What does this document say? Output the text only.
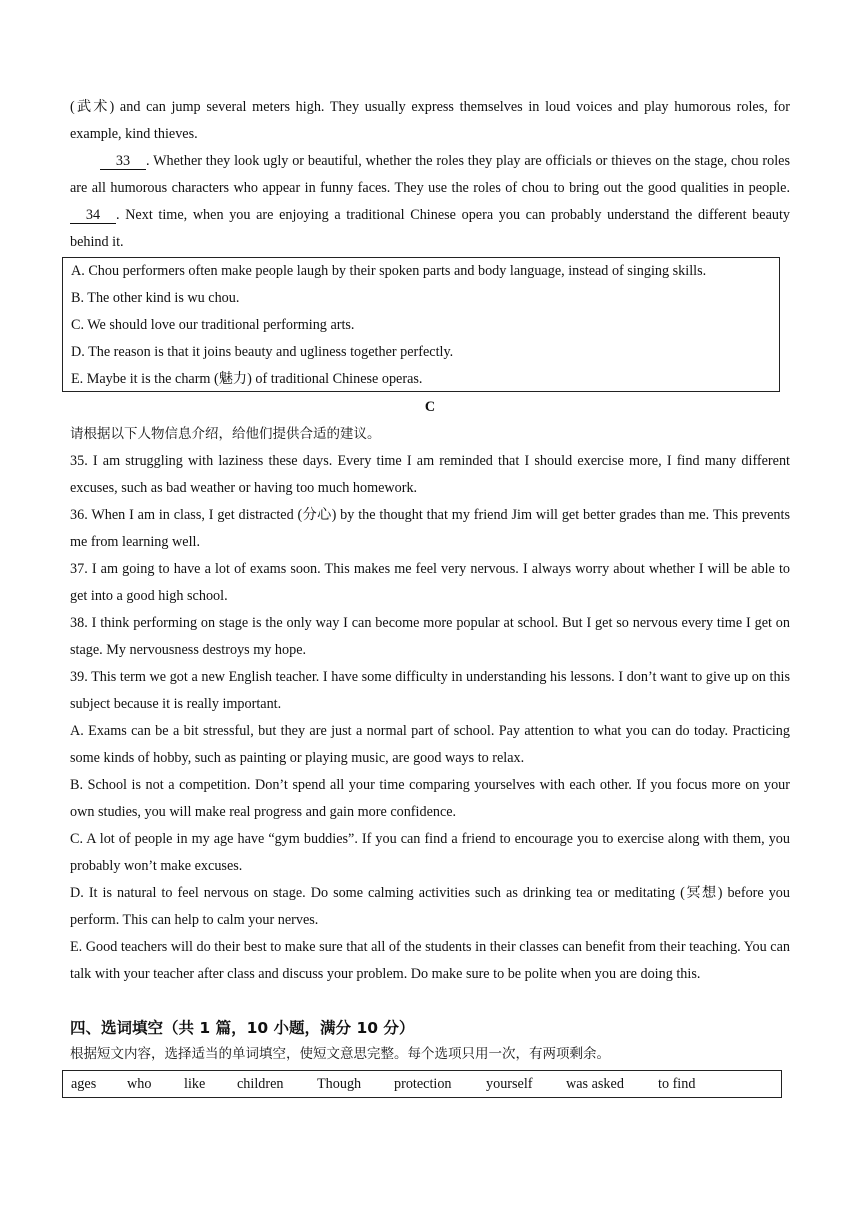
(武术) and can jump several meters high. They usually express themselves in loud voices and play humorous roles, for example, kind thieves.
33 . Whether they look ugly or beautiful, whether the roles they play are officials or thieves on the stage, chou roles are all humorous characters who appear in funny faces. They use the roles of chou to bring out the good qualities in people. 34 . Next time, when you are enjoying a traditional Chinese opera you can probably understand the different beauty behind it.
A. Chou performers often make people laugh by their spoken parts and body language, instead of singing skills.
B. The other kind is wu chou.
C. We should love our traditional performing arts.
D. The reason is that it joins beauty and ugliness together perfectly.
E. Maybe it is the charm (魅力) of traditional Chinese operas.
C
请根据以下人物信息介绍，给他们提供合适的建议。
35. I am struggling with laziness these days. Every time I am reminded that I should exercise more, I find many different excuses, such as bad weather or having too much homework.
36. When I am in class, I get distracted (分心) by the thought that my friend Jim will get better grades than me. This prevents me from learning well.
37. I am going to have a lot of exams soon. This makes me feel very nervous. I always worry about whether I will be able to get into a good high school.
38. I think performing on stage is the only way I can become more popular at school. But I get so nervous every time I get on stage. My nervousness destroys my hope.
39. This term we got a new English teacher. I have some difficulty in understanding his lessons. I don’t want to give up on this subject because it is really important.
A. Exams can be a bit stressful, but they are just a normal part of school. Pay attention to what you can do today. Practicing some kinds of hobby, such as painting or playing music, are good ways to relax.
B. School is not a competition. Don’t spend all your time comparing yourselves with each other. If you focus more on your own studies, you will make real progress and gain more confidence.
C. A lot of people in my age have “gym buddies”. If you can find a friend to encourage you to exercise along with them, you probably won’t make excuses.
D. It is natural to feel nervous on stage. Do some calming activities such as drinking tea or meditating (冥想) before you perform. This can help to calm your nerves.
E. Good teachers will do their best to make sure that all of the students in their classes can benefit from their teaching. You can talk with your teacher after class and discuss your problem. Do make sure to be polite when you are doing this.
四、选词填空（共 1 篇，10 小题，满分 10 分）
根据短文内容，选择适当的单词填空，使短文意思完整。每个选项只用一次，有两项剩余。
ages who like children Though protection yourself was asked to find
